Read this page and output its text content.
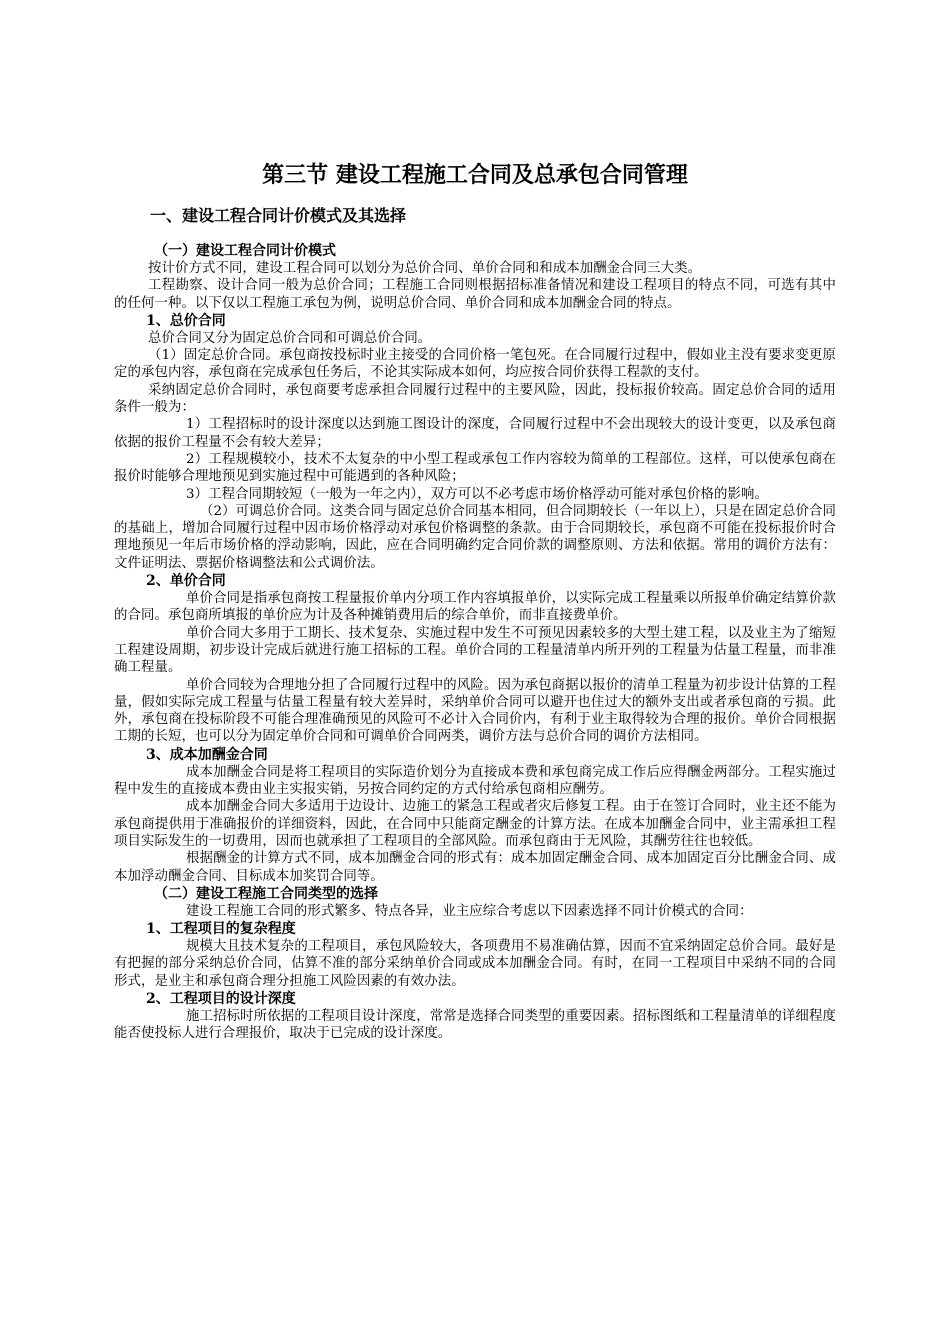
第三节 建设工程施工合同及总承包合同管理
一、建设工程合同计价模式及其选择
（一）建设工程合同计价模式

按计价方式不同，建设工程合同可以划分为总价合同、单价合同和和成本加酬金合同三大类。

工程勘察、设计合同一般为总价合同；工程施工合同则根据招标准备情况和建设工程项目的特点不同，可选有其中的任何一种。以下仅以工程施工承包为例，说明总价合同、单价合同和成本加酬金合同的特点。

1、总价合同

总价合同又分为固定总价合同和可调总价合同。

（1）固定总价合同。承包商按投标时业主接受的合同价格一笔包死。在合同履行过程中，假如业主没有要求变更原定的承包内容，承包商在完成承包任务后，不论其实际成本如何，均应按合同价获得工程款的支付。

采纳固定总价合同时，承包商要考虑承担合同履行过程中的主要风险，因此，投标报价较高。固定总价合同的适用条件一般为：

1）工程招标时的设计深度以达到施工图设计的深度，合同履行过程中不会出现较大的设计变更，以及承包商依据的报价工程量不会有较大差异；

2）工程规模较小，技术不太复杂的中小型工程或承包工作内容较为简单的工程部位。这样，可以使承包商在报价时能够合理地预见到实施过程中可能遇到的各种风险；

3）工程合同期较短（一般为一年之内），双方可以不必考虑市场价格浮动可能对承包价格的影响。

（2）可调总价合同。这类合同与固定总价合同基本相同，但合同期较长（一年以上），只是在固定总价合同的基础上，增加合同履行过程中因市场价格浮动对承包价格调整的条款。由于合同期较长，承包商不可能在投标报价时合理地预见一年后市场价格的浮动影响，因此，应在合同明确约定合同价款的调整原则、方法和依据。常用的调价方法有：文件证明法、票据价格调整法和公式调价法。

2、单价合同

单价合同是指承包商按工程量报价单内分项工作内容填报单价，以实际完成工程量乘以所报单价确定结算价款的合同。承包商所填报的单价应为计及各种摊销费用后的综合单价，而非直接费单价。

单价合同大多用于工期长、技术复杂、实施过程中发生不可预见因素较多的大型土建工程，以及业主为了缩短工程建设周期，初步设计完成后就进行施工招标的工程。单价合同的工程量清单内所开列的工程量为估量工程量，而非准确工程量。

单价合同较为合理地分担了合同履行过程中的风险。因为承包商据以报价的清单工程量为初步设计估算的工程量，假如实际完成工程量与估量工程量有较大差异时，采纳单价合同可以避开也住过大的额外支出或者承包商的亏损。此外，承包商在投标阶段不可能合理准确预见的风险可不必计入合同价内，有利于业主取得较为合理的报价。单价合同根据工期的长短，也可以分为固定单价合同和可调单价合同两类，调价方法与总价合同的调价方法相同。

3、成本加酬金合同

成本加酬金合同是将工程项目的实际造价划分为直接成本费和承包商完成工作后应得酬金两部分。工程实施过程中发生的直接成本费由业主实报实销，另按合同约定的方式付给承包商相应酬劳。

成本加酬金合同大多适用于边设计、边施工的紧急工程或者灾后修复工程。由于在签订合同时，业主还不能为承包商提供用于准确报价的详细资料，因此，在合同中只能商定酬金的计算方法。在成本加酬金合同中，业主需承担工程项目实际发生的一切费用，因而也就承担了工程项目的全部风险。而承包商由于无风险，其酬劳往往也较低。

根据酬金的计算方式不同，成本加酬金合同的形式有：成本加固定酬金合同、成本加固定百分比酬金合同、成本加浮动酬金合同、目标成本加奖罚合同等。

（二）建设工程施工合同类型的选择

建设工程施工合同的形式繁多、特点各异，业主应综合考虑以下因素选择不同计价模式的合同：

1、工程项目的复杂程度

规模大且技术复杂的工程项目，承包风险较大，各项费用不易准确估算，因而不宜采纳固定总价合同。最好是有把握的部分采纳总价合同，估算不准的部分采纳单价合同或成本加酬金合同。有时，在同一工程项目中采纳不同的合同形式，是业主和承包商合理分担施工风险因素的有效办法。

2、工程项目的设计深度

施工招标时所依据的工程项目设计深度，常常是选择合同类型的重要因素。招标图纸和工程量清单的详细程度能否使投标人进行合理报价，取决于已完成的设计深度。
